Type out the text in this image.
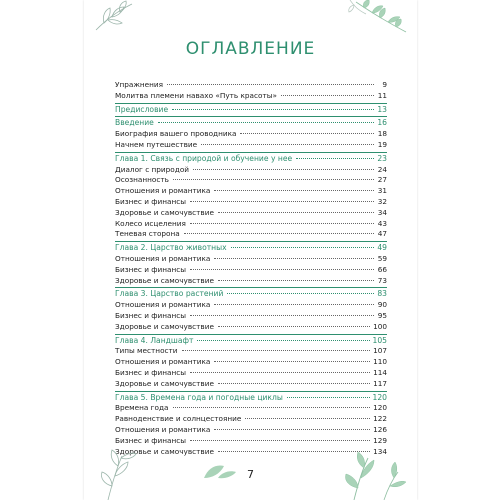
ОГЛАВЛЕНИЕ
Упражнения	9
Молитва племени навахо «Путь красоты»	11
Предисловие	13
Введение	16
Биография вашего проводника	18
Начнем путешествие	19
Глава 1. Связь с природой и обучение у нее	23
Диалог с природой	24
Осознанность	27
Отношения и романтика	31
Бизнес и финансы	32
Здоровье и самочувствие	34
Колесо исцеления	43
Теневая сторона	47
Глава 2. Царство животных	49
Отношения и романтика	59
Бизнес и финансы	66
Здоровье и самочувствие	73
Глава 3. Царство растений	83
Отношения и романтика	90
Бизнес и финансы	95
Здоровье и самочувствие	100
Глава 4. Ландшафт	105
Типы местности	107
Отношения и романтика	110
Бизнес и финансы	114
Здоровье и самочувствие	117
Глава 5. Времена года и погодные циклы	120
Времена года	120
Равноденствие и солнцестояние	122
Отношения и романтика	126
Бизнес и финансы	129
Здоровье и самочувствие	134
7
